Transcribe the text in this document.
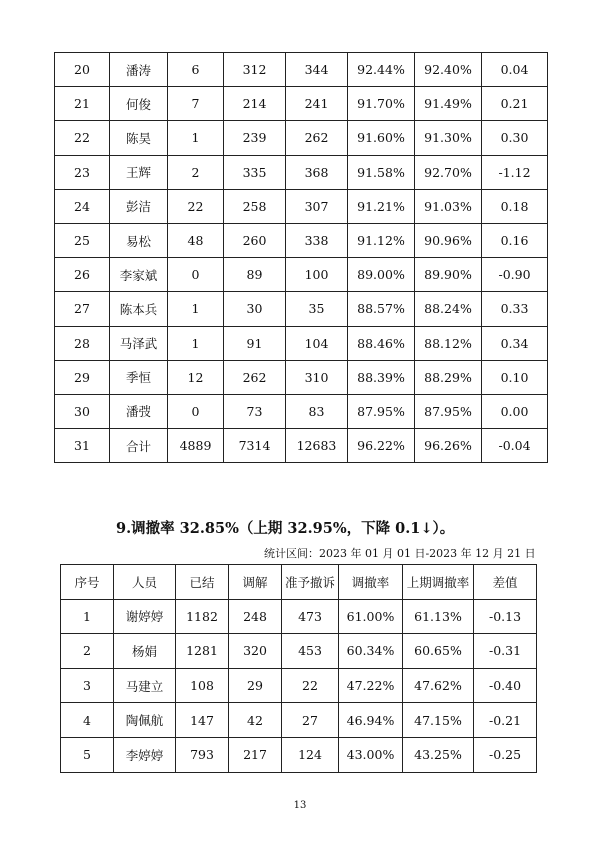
20	潘涛	6	312	344	92.44%	92.40%	0.04
21	何俊	7	214	241	91.70%	91.49%	0.21
22	陈昊	1	239	262	91.60%	91.30%	0.30
23	王辉	2	335	368	91.58%	92.70%	-1.12
24	彭洁	22	258	307	91.21%	91.03%	0.18
25	易松	48	260	338	91.12%	90.96%	0.16
26	李家斌	0	89	100	89.00%	89.90%	-0.90
27	陈本兵	1	30	35	88.57%	88.24%	0.33
28	马泽武	1	91	104	88.46%	88.12%	0.34
29	季恒	12	262	310	88.39%	88.29%	0.10
30	潘弢	0	73	83	87.95%	87.95%	0.00
31	合计	4889	7314	12683	96.22%	96.26%	-0.04
9.调撤率 32.85%（上期 32.95%，下降 0.1↓）。
统计区间：2023 年 01 月 01 日-2023 年 12 月 21 日
序号	人员	已结	调解	准予撤诉	调撤率	上期调撤率	差值
1	谢婷婷	1182	248	473	61.00%	61.13%	-0.13
2	杨娟	1281	320	453	60.34%	60.65%	-0.31
3	马建立	108	29	22	47.22%	47.62%	-0.40
4	陶佩航	147	42	27	46.94%	47.15%	-0.21
5	李婷婷	793	217	124	43.00%	43.25%	-0.25
13
